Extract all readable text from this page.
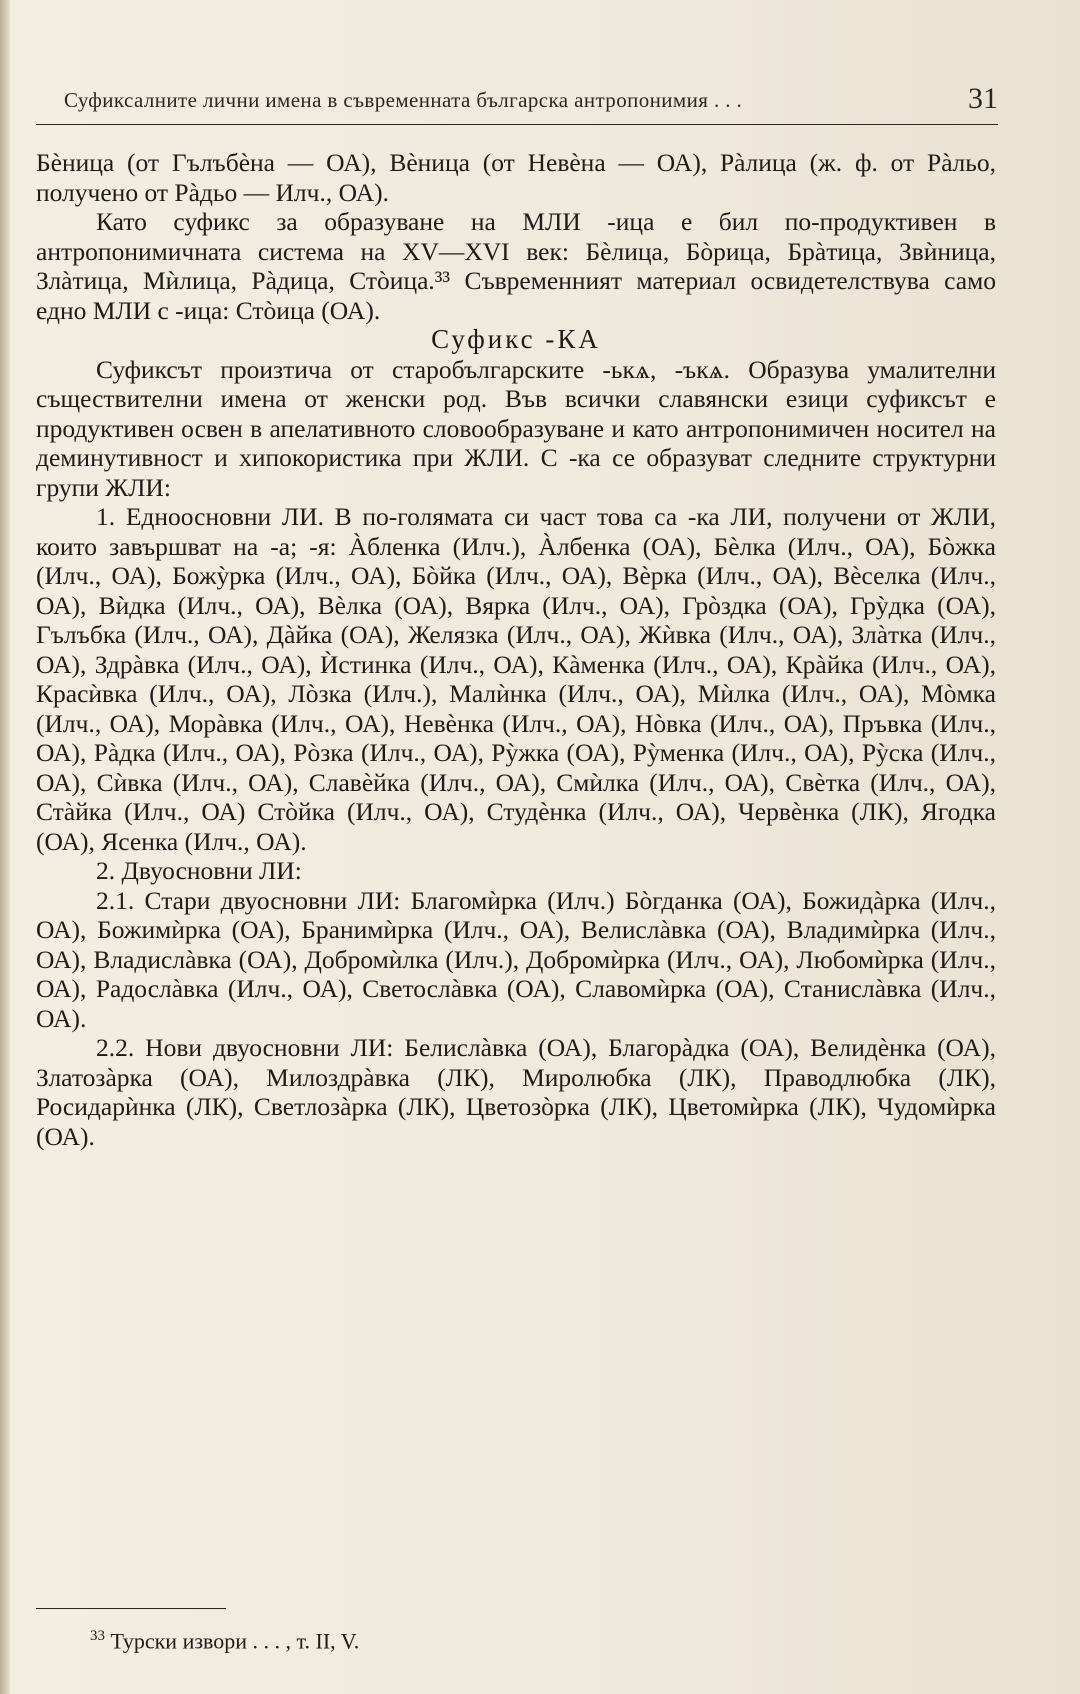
Суфиксалните лични имена в съвременната българска антропонимия . . .	31

Бѐница (от Гълъбѐна — ОА), Вѐница (от Невѐна — ОА), Рàлица (ж. ф. от Рàльо, получено от Рàдьо — Илч., ОА).

Като суфикс за образуване на МЛИ -ица е бил по-продуктивен в антропонимичната система на XV—XVI век: Бѐлица, Бòрица, Брàтица, Звѝница, Злàтица, Мѝлица, Рàдица, Стòица.³³ Съвременният материал освидетелствува само едно МЛИ с -ица: Стòица (ОА).

Суфикс -КА

Суфиксът произтича от старобългарските -ькѧ, -ъкѧ. Образува умалителни съществителни имена от женски род. Във всички славянски езици суфиксът е продуктивен освен в апелативното словообразуване и като антропонимичен носител на деминутивност и хипокористика при ЖЛИ. С -ка се образуват следните структурни групи ЖЛИ:

1. Едноосновни ЛИ. В по-голямата си част това са -ка ЛИ, получени от ЖЛИ, които завършват на -а; -я: Àбленка (Илч.), Àлбенка (ОА), Бѐлка (Илч., ОА), Бòжка (Илч., ОА), Божỳрка (Илч., ОА), Бòйка (Илч., ОА), Вѐрка (Илч., ОА), Вѐселка (Илч., ОА), Вѝдка (Илч., ОА), Вѐлка (ОА), Вярка (Илч., ОА), Грòздка (ОА), Грỳдка (ОА), Гълъбка (Илч., ОА), Дàйка (ОА), Желязка (Илч., ОА), Жѝвка (Илч., ОА), Злàтка (Илч., ОА), Здрàвка (Илч., ОА), Ѝстинка (Илч., ОА), Кàменка (Илч., ОА), Крàйка (Илч., ОА), Красѝвка (Илч., ОА), Лòзка (Илч.), Малѝнка (Илч., ОА), Мѝлка (Илч., ОА), Мòмка (Илч., ОА), Морàвка (Илч., ОА), Невѐнка (Илч., ОА), Нòвка (Илч., ОА), Пръвка (Илч., ОА), Рàдка (Илч., ОА), Рòзка (Илч., ОА), Рỳжка (ОА), Рỳменка (Илч., ОА), Рỳска (Илч., ОА), Сѝвка (Илч., ОА), Славѐйка (Илч., ОА), Смѝлка (Илч., ОА), Свѐтка (Илч., ОА), Стàйка (Илч., ОА) Стòйка (Илч., ОА), Студѐнка (Илч., ОА), Червѐнка (ЛК), Ягодка (ОА), Ясенка (Илч., ОА).

2. Двуосновни ЛИ:

2.1. Стари двуосновни ЛИ: Благомѝрка (Илч.) Бòгданка (ОА), Божидàрка (Илч., ОА), Божимѝрка (ОА), Бранимѝрка (Илч., ОА), Велислàвка (ОА), Владимѝрка (Илч., ОА), Владислàвка (ОА), Добромѝлка (Илч.), Добромѝрка (Илч., ОА), Любомѝрка (Илч., ОА), Радослàвка (Илч., ОА), Светослàвка (ОА), Славомѝрка (ОА), Станислàвка (Илч., ОА).

2.2. Нови двуосновни ЛИ: Белислàвка (ОА), Благорàдка (ОА), Велидѐнка (ОА), Златозàрка (ОА), Милоздрàвка (ЛК), Миролюбка (ЛК), Праводлюбка (ЛК), Росидарѝнка (ЛК), Светлозàрка (ЛК), Цветозòрка (ЛК), Цветомѝрка (ЛК), Чудомѝрка (ОА).

$^{33}$ Турски извори . . . , т. II, V.
